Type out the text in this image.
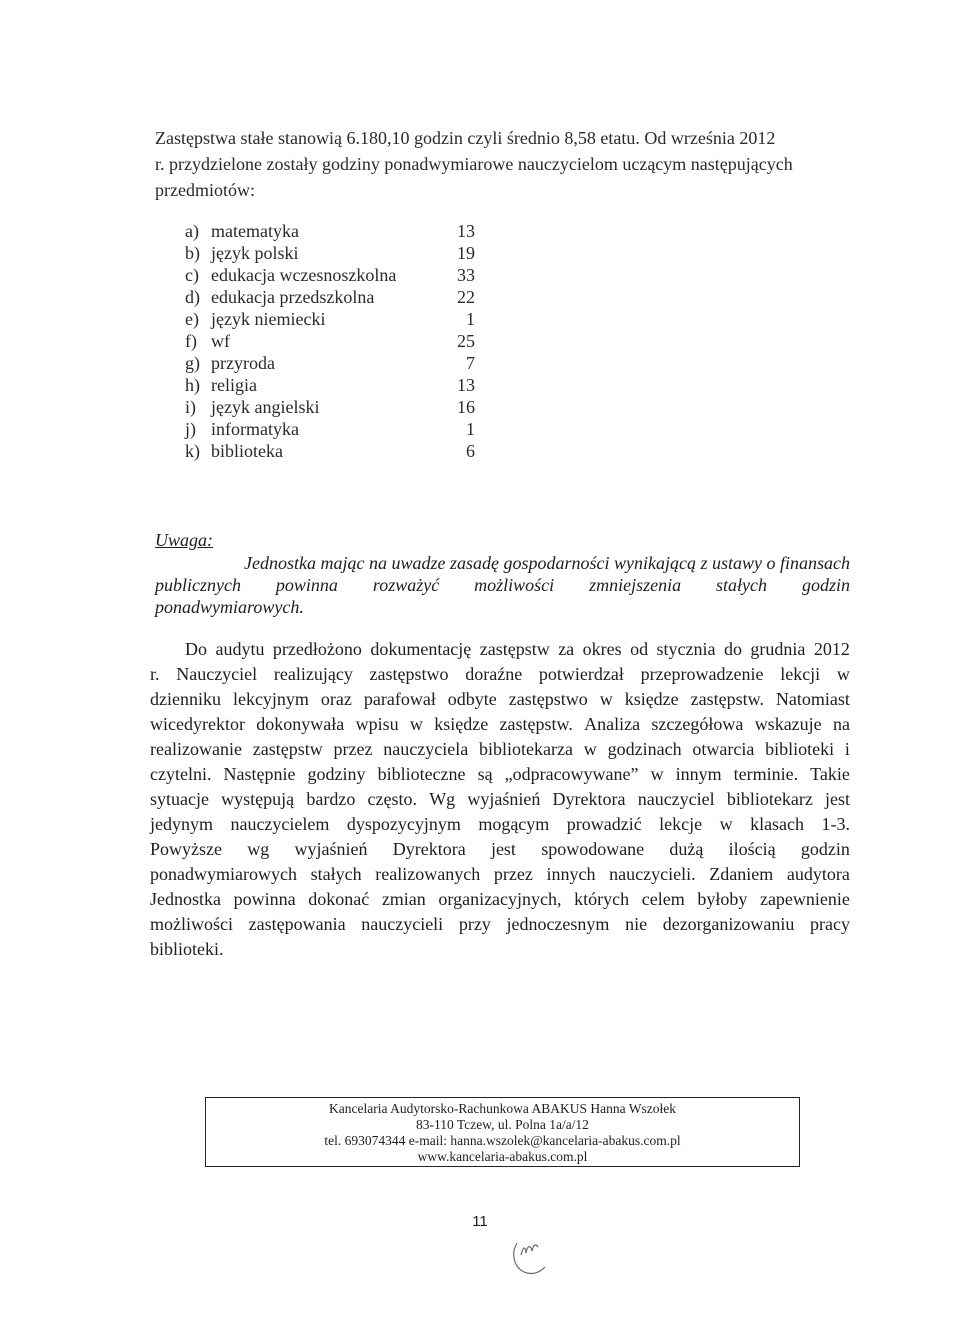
Zastępstwa stałe stanowią 6.180,10 godzin czyli średnio 8,58 etatu. Od września 2012
r. przydzielone zostały godziny ponadwymiarowe nauczycielom uczącym następujących
przedmiotów:
a) matematyka	13
b) język polski	19
c) edukacja wczesnoszkolna	33
d) edukacja przedszkolna	22
e) język niemiecki	1
f) wf	25
g) przyroda	7
h) religia	13
i) język angielski	16
j) informatyka	1
k) biblioteka	6
Uwaga:
Jednostka mając na uwadze zasadę gospodarności wynikającą z ustawy o finansach
publicznych powinna rozważyć możliwości zmniejszenia stałych godzin
ponadwymiarowych.
Do audytu przedłożono dokumentację zastępstw za okres od stycznia do grudnia 2012
r. Nauczyciel realizujący zastępstwo doraźne potwierdzał przeprowadzenie lekcji w
dzienniku lekcyjnym oraz parafował odbyte zastępstwo w księdze zastępstw. Natomiast
wicedyrektor dokonywała wpisu w księdze zastępstw. Analiza szczegółowa wskazuje na
realizowanie zastępstw przez nauczyciela bibliotekarza w godzinach otwarcia biblioteki i
czytelni. Następnie godziny biblioteczne są „odpracowywane” w innym terminie. Takie
sytuacje występują bardzo często. Wg wyjaśnień Dyrektora nauczyciel bibliotekarz jest
jedynym nauczycielem dyspozycyjnym mogącym prowadzić lekcje w klasach 1-3.
Powyższe wg wyjaśnień Dyrektora jest spowodowane dużą ilością godzin
ponadwymiarowych stałych realizowanych przez innych nauczycieli. Zdaniem audytora
Jednostka powinna dokonać zmian organizacyjnych, których celem byłoby zapewnienie
możliwości zastępowania nauczycieli przy jednoczesnym nie dezorganizowaniu pracy
biblioteki.
Kancelaria Audytorsko-Rachunkowa ABAKUS Hanna Wszołek
83-110 Tczew, ul. Polna 1a/a/12
tel. 693074344 e-mail: hanna.wszolek@kancelaria-abakus.com.pl
www.kancelaria-abakus.com.pl
11
